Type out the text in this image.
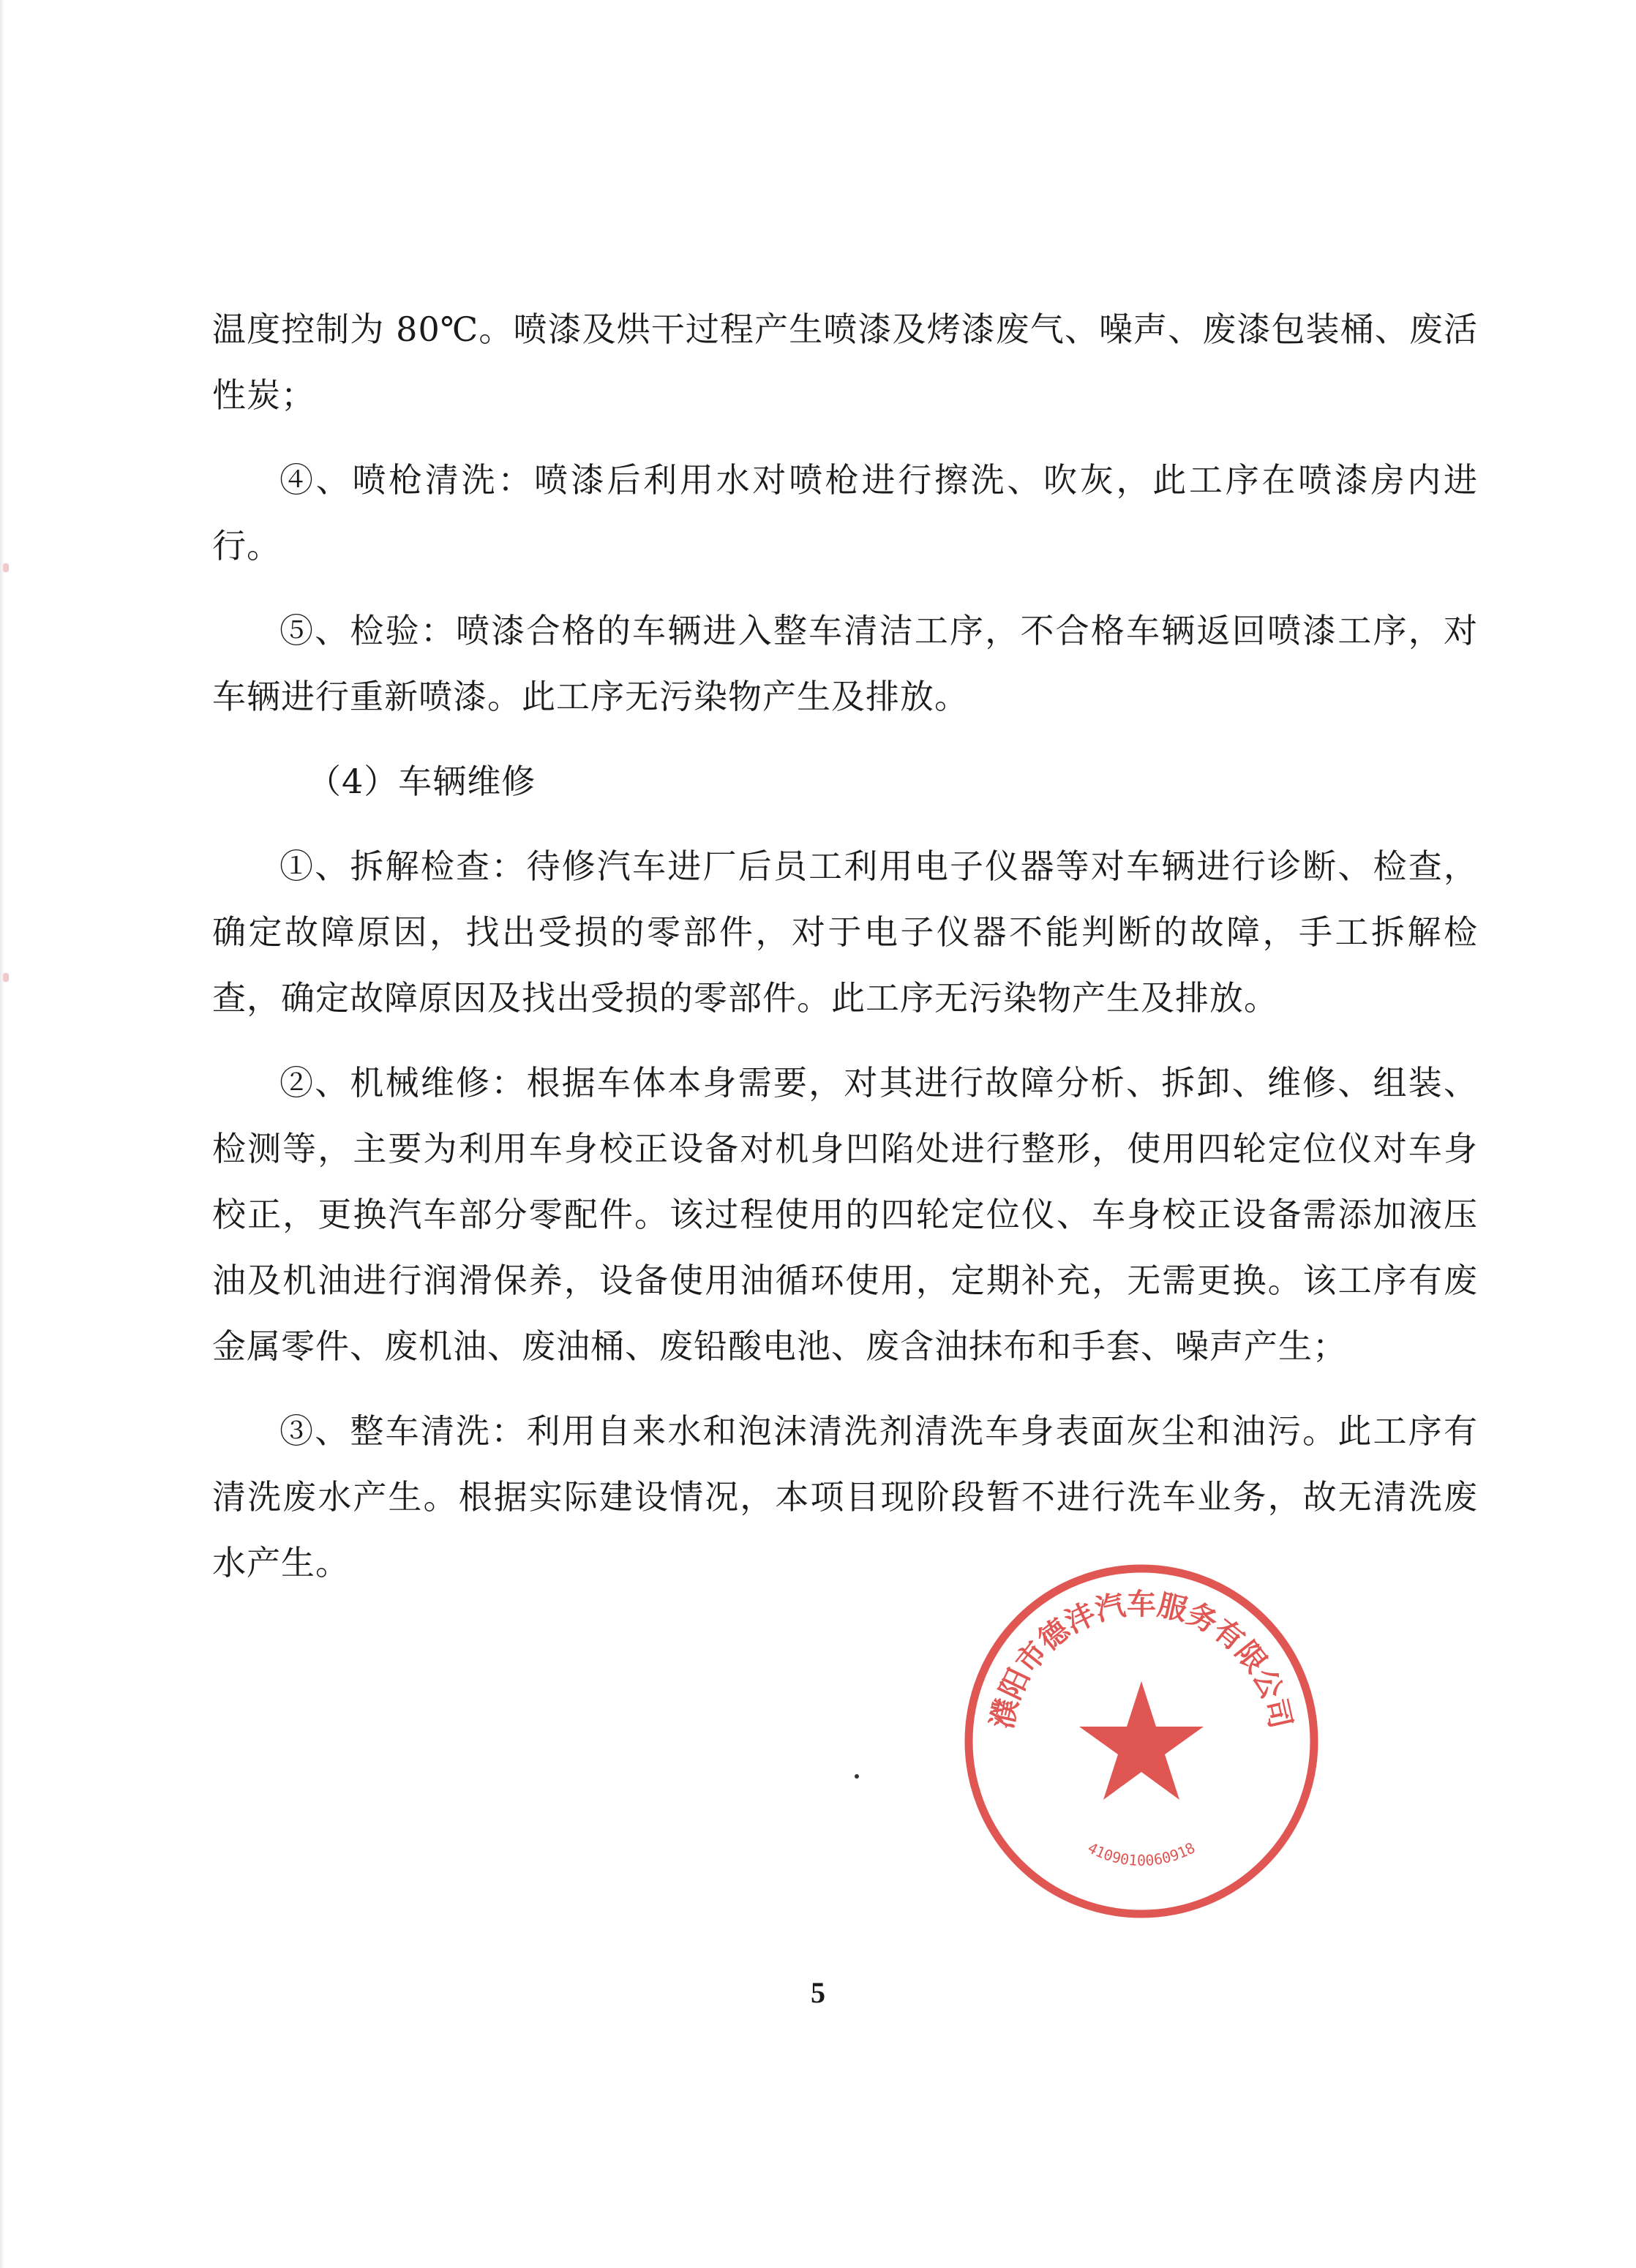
温度控制为 80℃。喷漆及烘干过程产生喷漆及烤漆废气、噪声、废漆包装桶、废活性炭；

④、喷枪清洗：喷漆后利用水对喷枪进行擦洗、吹灰，此工序在喷漆房内进行。

⑤、检验：喷漆合格的车辆进入整车清洁工序，不合格车辆返回喷漆工序，对车辆进行重新喷漆。此工序无污染物产生及排放。

（4）车辆维修

①、拆解检查：待修汽车进厂后员工利用电子仪器等对车辆进行诊断、检查，确定故障原因，找出受损的零部件，对于电子仪器不能判断的故障，手工拆解检查，确定故障原因及找出受损的零部件。此工序无污染物产生及排放。

②、机械维修：根据车体本身需要，对其进行故障分析、拆卸、维修、组装、检测等，主要为利用车身校正设备对机身凹陷处进行整形，使用四轮定位仪对车身校正，更换汽车部分零配件。该过程使用的四轮定位仪、车身校正设备需添加液压油及机油进行润滑保养，设备使用油循环使用，定期补充，无需更换。该工序有废金属零件、废机油、废油桶、废铅酸电池、废含油抹布和手套、噪声产生；

③、整车清洗：利用自来水和泡沫清洗剂清洗车身表面灰尘和油污。此工序有清洗废水产生。根据实际建设情况，本项目现阶段暂不进行洗车业务，故无清洗废水产生。

濮阳市德沣汽车服务有限公司
4109010060918
5
